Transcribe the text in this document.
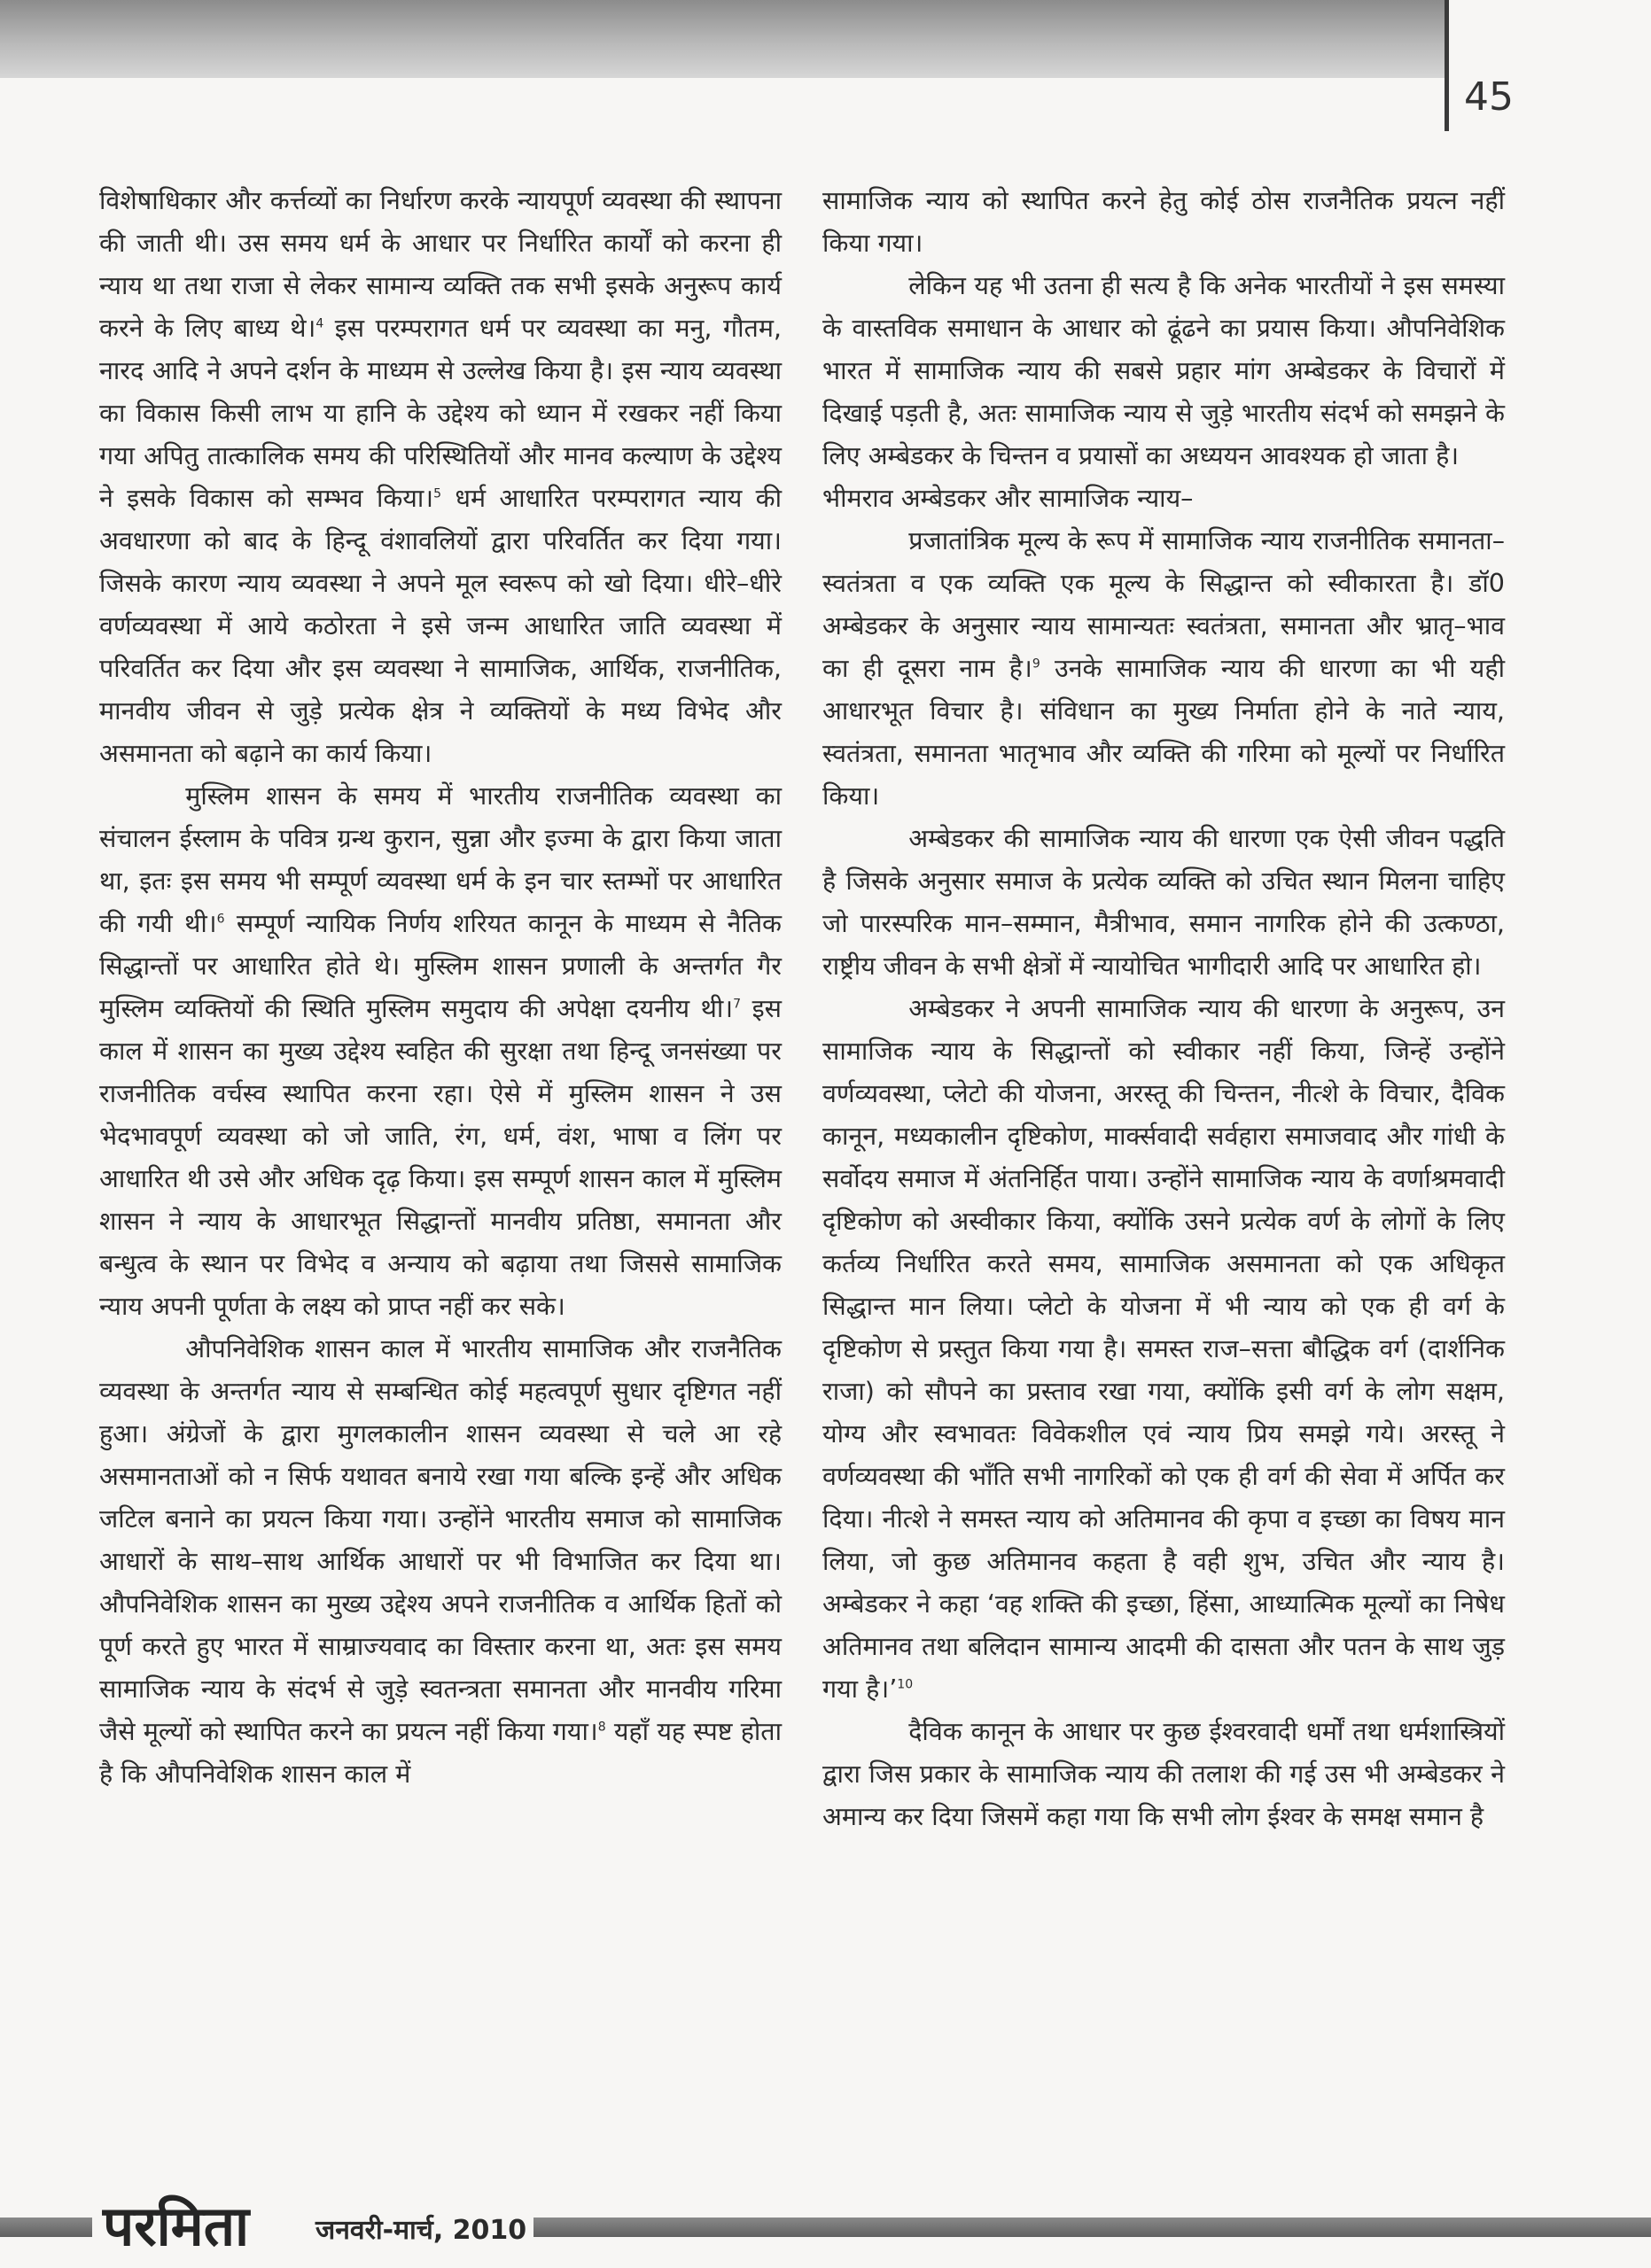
45

विशेषाधिकार और कर्त्तव्यों का निर्धारण करके न्यायपूर्ण व्यवस्था की स्थापना की जाती थी। उस समय धर्म के आधार पर निर्धारित कार्यों को करना ही न्याय था तथा राजा से लेकर सामान्य व्यक्ति तक सभी इसके अनुरूप कार्य करने के लिए बाध्य थे।$^4$ इस परम्परागत धर्म पर व्यवस्था का मनु, गौतम, नारद आदि ने अपने दर्शन के माध्यम से उल्लेख किया है। इस न्याय व्यवस्था का विकास किसी लाभ या हानि के उद्देश्य को ध्यान में रखकर नहीं किया गया अपितु तात्कालिक समय की परिस्थितियों और मानव कल्याण के उद्देश्य ने इसके विकास को सम्भव किया।$^5$ धर्म आधारित परम्परागत न्याय की अवधारणा को बाद के हिन्दू वंशावलियों द्वारा परिवर्तित कर दिया गया। जिसके कारण न्याय व्यवस्था ने अपने मूल स्वरूप को खो दिया। धीरे–धीरे वर्णव्यवस्था में आये कठोरता ने इसे जन्म आधारित जाति व्यवस्था में परिवर्तित कर दिया और इस व्यवस्था ने सामाजिक, आर्थिक, राजनीतिक, मानवीय जीवन से जुड़े प्रत्येक क्षेत्र ने व्यक्तियों के मध्य विभेद और असमानता को बढ़ाने का कार्य किया।

मुस्लिम शासन के समय में भारतीय राजनीतिक व्यवस्था का संचालन ईस्लाम के पवित्र ग्रन्थ कुरान, सुन्ना और इज्मा के द्वारा किया जाता था, इतः इस समय भी सम्पूर्ण व्यवस्था धर्म के इन चार स्तम्भों पर आधारित की गयी थी।$^6$ सम्पूर्ण न्यायिक निर्णय शरियत कानून के माध्यम से नैतिक सिद्धान्तों पर आधारित होते थे। मुस्लिम शासन प्रणाली के अन्तर्गत गैर मुस्लिम व्यक्तियों की स्थिति मुस्लिम समुदाय की अपेक्षा दयनीय थी।$^7$ इस काल में शासन का मुख्य उद्देश्य स्वहित की सुरक्षा तथा हिन्दू जनसंख्या पर राजनीतिक वर्चस्व स्थापित करना रहा। ऐसे में मुस्लिम शासन ने उस भेदभावपूर्ण व्यवस्था को जो जाति, रंग, धर्म, वंश, भाषा व लिंग पर आधारित थी उसे और अधिक दृढ़ किया। इस सम्पूर्ण शासन काल में मुस्लिम शासन ने न्याय के आधारभूत सिद्धान्तों मानवीय प्रतिष्ठा, समानता और बन्धुत्व के स्थान पर विभेद व अन्याय को बढ़ाया तथा जिससे सामाजिक न्याय अपनी पूर्णता के लक्ष्य को प्राप्त नहीं कर सके।

औपनिवेशिक शासन काल में भारतीय सामाजिक और राजनैतिक व्यवस्था के अन्तर्गत न्याय से सम्बन्धित कोई महत्वपूर्ण सुधार दृष्टिगत नहीं हुआ। अंग्रेजों के द्वारा मुगलकालीन शासन व्यवस्था से चले आ रहे असमानताओं को न सिर्फ यथावत बनाये रखा गया बल्कि इन्हें और अधिक जटिल बनाने का प्रयत्न किया गया। उन्होंने भारतीय समाज को सामाजिक आधारों के साथ–साथ आर्थिक आधारों पर भी विभाजित कर दिया था। औपनिवेशिक शासन का मुख्य उद्देश्य अपने राजनीतिक व आर्थिक हितों को पूर्ण करते हुए भारत में साम्राज्यवाद का विस्तार करना था, अतः इस समय सामाजिक न्याय के संदर्भ से जुड़े स्वतन्त्रता समानता और मानवीय गरिमा जैसे मूल्यों को स्थापित करने का प्रयत्न नहीं किया गया।$^8$ यहाँ यह स्पष्ट होता है कि औपनिवेशिक शासन काल में

सामाजिक न्याय को स्थापित करने हेतु कोई ठोस राजनैतिक प्रयत्न नहीं किया गया।

लेकिन यह भी उतना ही सत्य है कि अनेक भारतीयों ने इस समस्या के वास्तविक समाधान के आधार को ढूंढने का प्रयास किया। औपनिवेशिक भारत में सामाजिक न्याय की सबसे प्रहार मांग अम्बेडकर के विचारों में दिखाई पड़ती है, अतः सामाजिक न्याय से जुड़े भारतीय संदर्भ को समझने के लिए अम्बेडकर के चिन्तन व प्रयासों का अध्ययन आवश्यक हो जाता है।

भीमराव अम्बेडकर और सामाजिक न्याय–

प्रजातांत्रिक मूल्य के रूप में सामाजिक न्याय राजनीतिक समानता– स्वतंत्रता व एक व्यक्ति एक मूल्य के सिद्धान्त को स्वीकारता है। डॉ0 अम्बेडकर के अनुसार न्याय सामान्यतः स्वतंत्रता, समानता और भ्रातृ–भाव का ही दूसरा नाम है।$^9$ उनके सामाजिक न्याय की धारणा का भी यही आधारभूत विचार है। संविधान का मुख्य निर्माता होने के नाते न्याय, स्वतंत्रता, समानता भातृभाव और व्यक्ति की गरिमा को मूल्यों पर निर्धारित किया।

अम्बेडकर की सामाजिक न्याय की धारणा एक ऐसी जीवन पद्धति है जिसके अनुसार समाज के प्रत्येक व्यक्ति को उचित स्थान मिलना चाहिए जो पारस्परिक मान–सम्मान, मैत्रीभाव, समान नागरिक होने की उत्कण्ठा, राष्ट्रीय जीवन के सभी क्षेत्रों में न्यायोचित भागीदारी आदि पर आधारित हो।

अम्बेडकर ने अपनी सामाजिक न्याय की धारणा के अनुरूप, उन सामाजिक न्याय के सिद्धान्तों को स्वीकार नहीं किया, जिन्हें उन्होंने वर्णव्यवस्था, प्लेटो की योजना, अरस्तू की चिन्तन, नीत्शे के विचार, दैविक कानून, मध्यकालीन दृष्टिकोण, मार्क्सवादी सर्वहारा समाजवाद और गांधी के सर्वोदय समाज में अंतनिर्हित पाया। उन्होंने सामाजिक न्याय के वर्णाश्रमवादी दृष्टिकोण को अस्वीकार किया, क्योंकि उसने प्रत्येक वर्ण के लोगों के लिए कर्तव्य निर्धारित करते समय, सामाजिक असमानता को एक अधिकृत सिद्धान्त मान लिया। प्लेटो के योजना में भी न्याय को एक ही वर्ग के दृष्टिकोण से प्रस्तुत किया गया है। समस्त राज–सत्ता बौद्धिक वर्ग (दार्शनिक राजा) को सौपने का प्रस्ताव रखा गया, क्योंकि इसी वर्ग के लोग सक्षम, योग्य और स्वभावतः विवेकशील एवं न्याय प्रिय समझे गये। अरस्तू ने वर्णव्यवस्था की भाँति सभी नागरिकों को एक ही वर्ग की सेवा में अर्पित कर दिया। नीत्शे ने समस्त न्याय को अतिमानव की कृपा व इच्छा का विषय मान लिया, जो कुछ अतिमानव कहता है वही शुभ, उचित और न्याय है। अम्बेडकर ने कहा ‘वह शक्ति की इच्छा, हिंसा, आध्यात्मिक मूल्यों का निषेध अतिमानव तथा बलिदान सामान्य आदमी की दासता और पतन के साथ जुड़ गया है।’$^{10}$

दैविक कानून के आधार पर कुछ ईश्वरवादी धर्मों तथा धर्मशास्त्रियों द्वारा जिस प्रकार के सामाजिक न्याय की तलाश की गई उस भी अम्बेडकर ने अमान्य कर दिया जिसमें कहा गया कि सभी लोग ईश्वर के समक्ष समान है

परमिता जनवरी-मार्च, 2010
